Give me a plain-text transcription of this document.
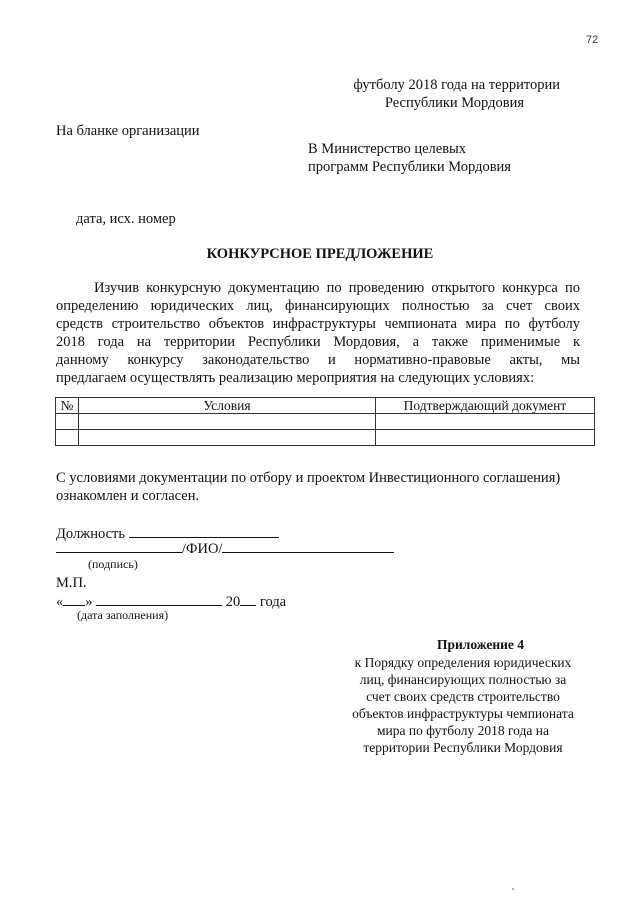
72
футболу 2018 года на территории
Республики Мордовия
На бланке организации
В Министерство целевых
программ Республики Мордовия
дата, исх. номер
КОНКУРСНОЕ ПРЕДЛОЖЕНИЕ
Изучив конкурсную документацию по проведению открытого конкурса по
определению юридических лиц, финансирующих полностью за счет своих
средств строительство объектов инфраструктуры чемпионата мира по футболу
2018 года на территории Республики Мордовия, а также применимые к
данному конкурсу законодательство и нормативно-правовые акты, мы
предлагаем осуществлять реализацию мероприятия на следующих условиях:
№	Условия	Подтверждающий документ

С условиями документации по отбору и проектом Инвестиционного соглашения)
ознакомлен и согласен.
Должность
/ФИО/
(подпись)
М.П.
« »	20 года
(дата заполнения)
Приложение 4
к Порядку определения юридических
лиц, финансирующих полностью за
счет своих средств строительство
объектов инфраструктуры чемпионата
мира по футболу 2018 года на
территории Республики Мордовия
